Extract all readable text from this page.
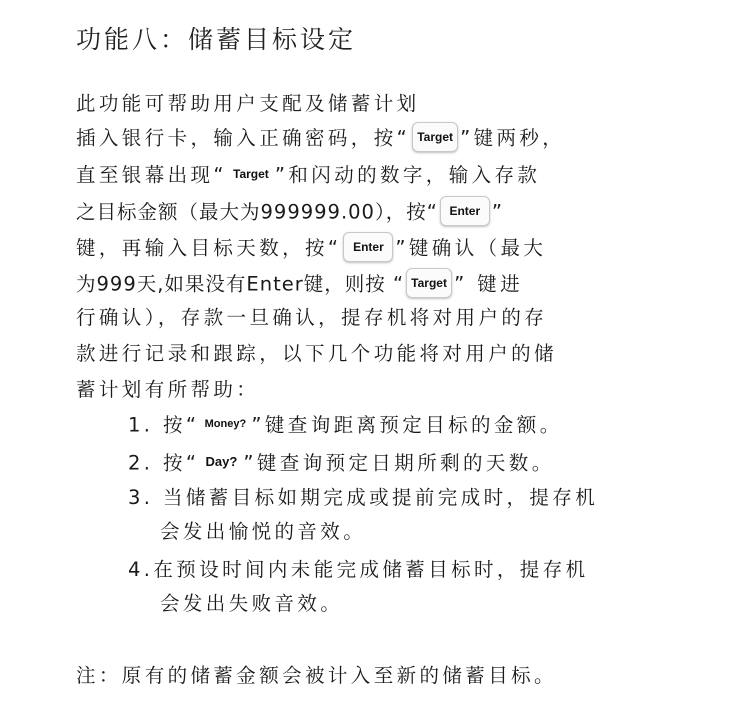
功能八：储蓄目标设定
此功能可帮助用户支配及储蓄计划
插入银行卡，输入正确密码，按“ Target ”键两秒，
直至银幕出现“ Target ”和闪动的数字，输入存款
之目标金额（最大为999999.00），按“ Enter ”
键，再输入目标天数，按“ Enter ”键确认（最大
为999天,如果没有Enter键，则按 “ Target ” 键进
行确认），存款一旦确认，提存机将对用户的存
款进行记录和跟踪，以下几个功能将对用户的储
蓄计划有所帮助：
1. 按“ Money? ”键查询距离预定目标的金额。
2. 按“ Day? ”键查询预定日期所剩的天数。
3. 当储蓄目标如期完成或提前完成时，提存机
会发出愉悦的音效。
4.在预设时间内未能完成储蓄目标时，提存机
会发出失败音效。
注：原有的储蓄金额会被计入至新的储蓄目标。
